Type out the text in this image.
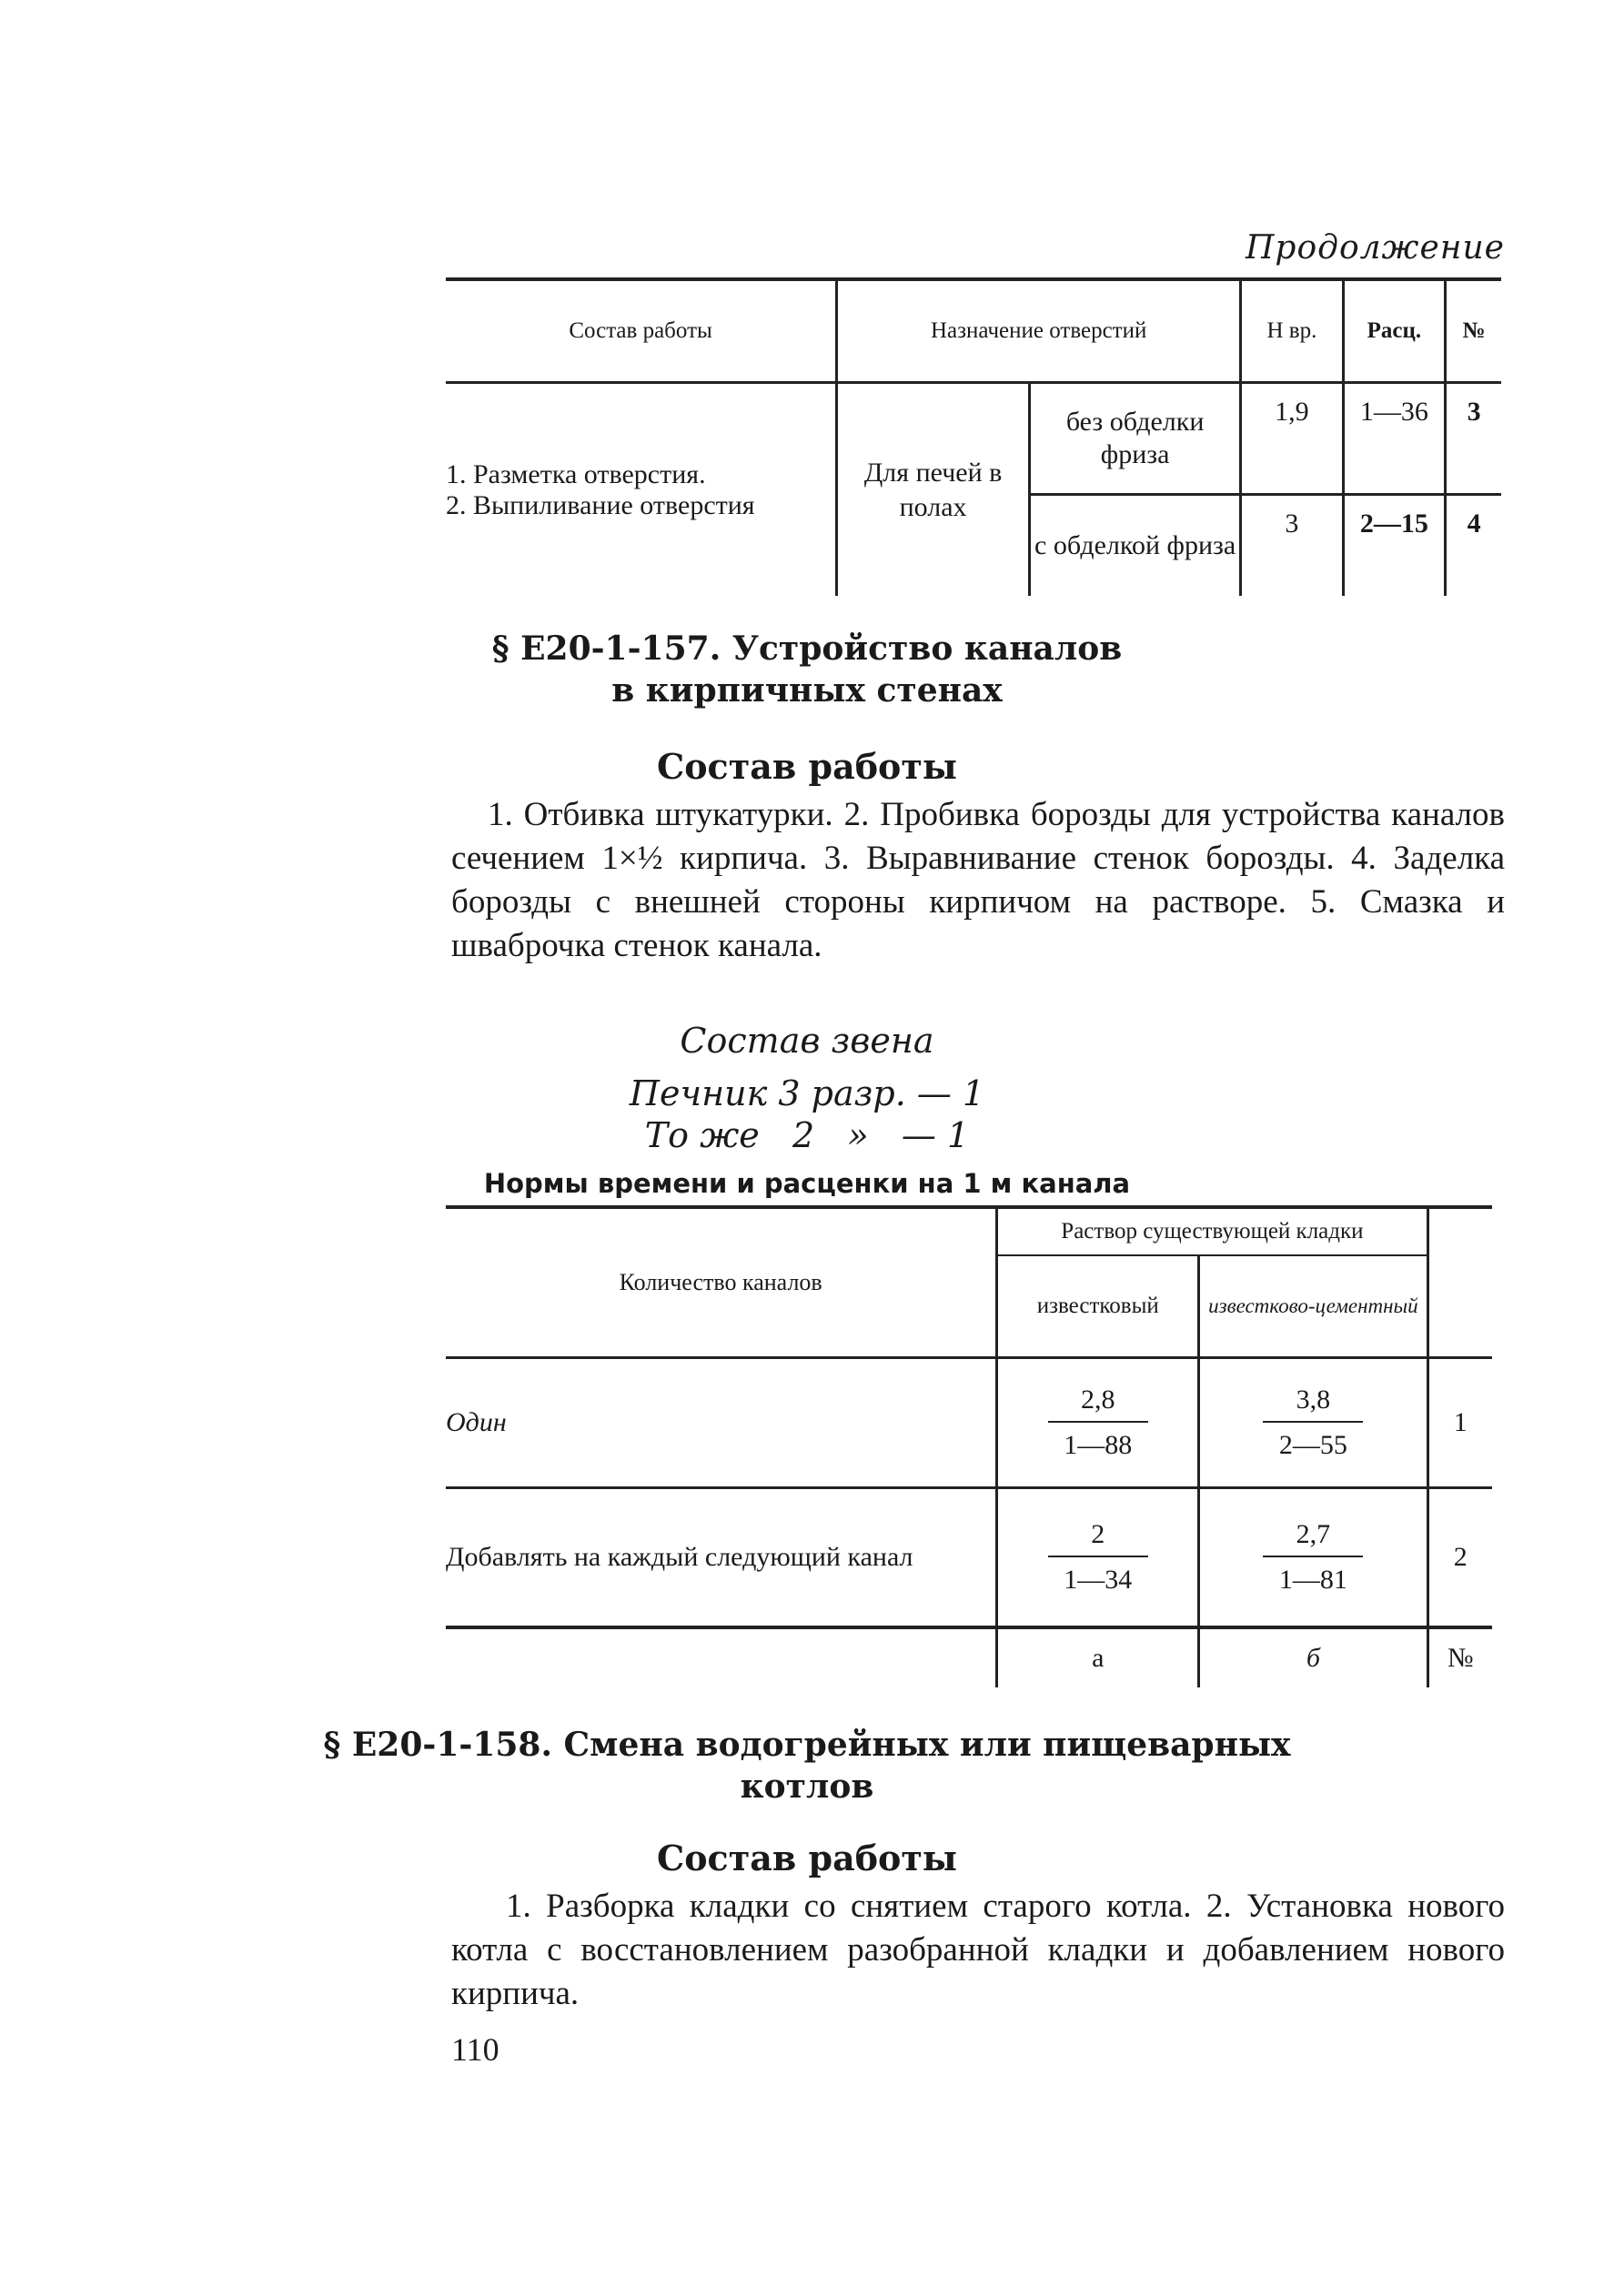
Продолжение
Состав работы	Назначение отверстий		Н вр.	Расц.	№

1. Разметка отверстия.
2. Выпиливание отверстия	Для печей в полах	без обделки фриза	1,9	1—36	3
		с обделкой фриза	3	2—15	4
§ Е20-1-157. Устройство каналов
в кирпичных стенах
Состав работы
1. Отбивка штукатурки. 2. Пробивка борозды для устройства каналов сечением 1×½ кирпича. 3. Выравнивание стенок борозды. 4. Заделка борозды с внешней стороны кирпичом на растворе. 5. Смазка и шваброчка стенок канала.
Состав звена
Печник 3 разр. — 1
То же   2   »   — 1
Нормы времени и расценки на 1 м канала
Количество каналов	Раствор существующей кладки		
	известковый	известково-цементный	
Один	$\frac{2,8}{1—88}$	$\frac{3,8}{2—55}$	1
Добавлять на каждый следующий канал	$\frac{2}{1—34}$	$\frac{2,7}{1—81}$	2
	а	б	№
§ Е20-1-158. Смена водогрейных или пищеварных
котлов
Состав работы
1. Разборка кладки со снятием старого котла. 2. Установка нового котла с восстановлением разобранной кладки и добавлением нового кирпича.
110
